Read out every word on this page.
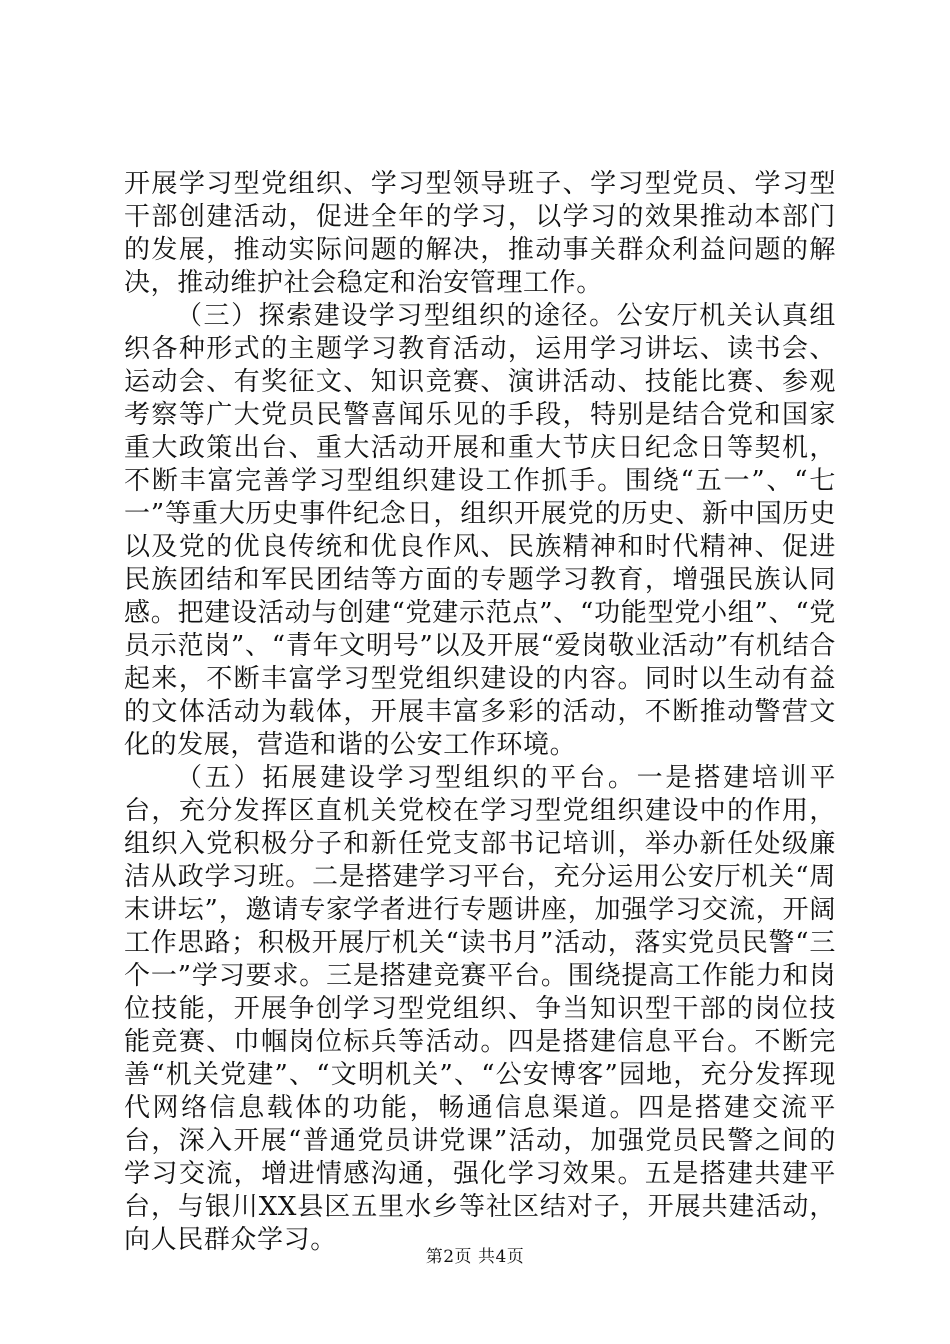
开展学习型党组织、学习型领导班子、学习型党员、学习型干部创建活动，促进全年的学习，以学习的效果推动本部门的发展，推动实际问题的解决，推动事关群众利益问题的解决，推动维护社会稳定和治安管理工作。

（三）探索建设学习型组织的途径。公安厅机关认真组织各种形式的主题学习教育活动，运用学习讲坛、读书会、运动会、有奖征文、知识竞赛、演讲活动、技能比赛、参观考察等广大党员民警喜闻乐见的手段，特别是结合党和国家重大政策出台、重大活动开展和重大节庆日纪念日等契机，不断丰富完善学习型组织建设工作抓手。围绕“五一”、“七一”等重大历史事件纪念日，组织开展党的历史、新中国历史以及党的优良传统和优良作风、民族精神和时代精神、促进民族团结和军民团结等方面的专题学习教育，增强民族认同感。把建设活动与创建“党建示范点”、“功能型党小组”、“党员示范岗”、“青年文明号”以及开展“爱岗敬业活动”有机结合起来，不断丰富学习型党组织建设的内容。同时以生动有益的文体活动为载体，开展丰富多彩的活动，不断推动警营文化的发展，营造和谐的公安工作环境。

（五）拓展建设学习型组织的平台。一是搭建培训平台，充分发挥区直机关党校在学习型党组织建设中的作用，组织入党积极分子和新任党支部书记培训，举办新任处级廉洁从政学习班。二是搭建学习平台，充分运用公安厅机关“周末讲坛”，邀请专家学者进行专题讲座，加强学习交流，开阔工作思路；积极开展厅机关“读书月”活动，落实党员民警“三个一”学习要求。三是搭建竞赛平台。围绕提高工作能力和岗位技能，开展争创学习型党组织、争当知识型干部的岗位技能竞赛、巾帼岗位标兵等活动。四是搭建信息平台。不断完善“机关党建”、“文明机关”、“公安博客”园地，充分发挥现代网络信息载体的功能，畅通信息渠道。四是搭建交流平台，深入开展“普通党员讲党课”活动，加强党员民警之间的学习交流，增进情感沟通，强化学习效果。五是搭建共建平台，与银川XX县区五里水乡等社区结对子，开展共建活动，向人民群众学习。

第2页 共4页
